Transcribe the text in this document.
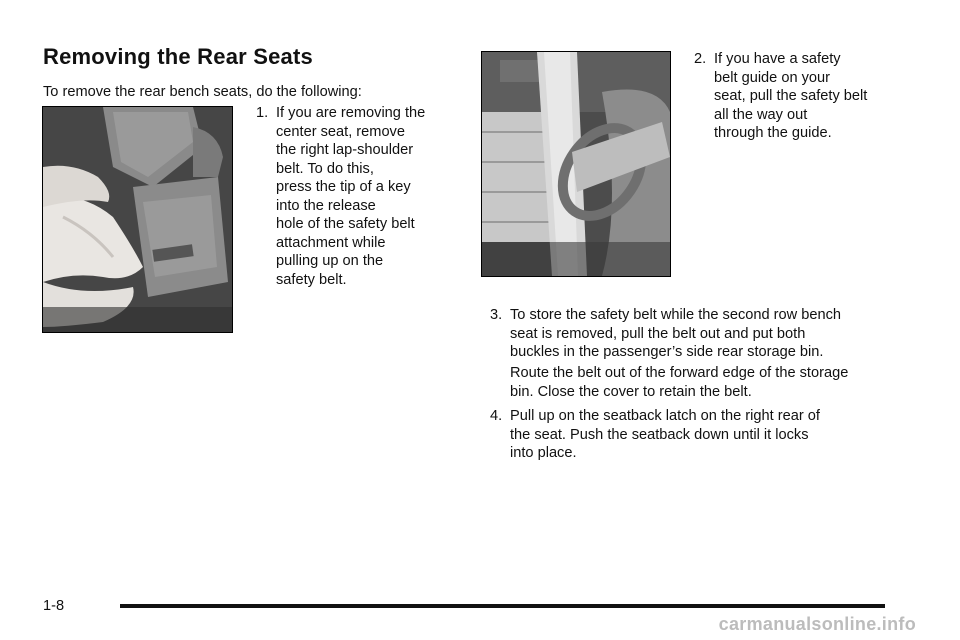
Removing the Rear Seats
To remove the rear bench seats, do the following:
1. If you are removing the
center seat, remove
the right lap-shoulder
belt. To do this,
press the tip of a key
into the release
hole of the safety belt
attachment while
pulling up on the
safety belt.
2. If you have a safety
belt guide on your
seat, pull the safety belt
all the way out
through the guide.
3. To store the safety belt while the second row bench
seat is removed, pull the belt out and put both
buckles in the passenger’s side rear storage bin.
Route the belt out of the forward edge of the storage
bin. Close the cover to retain the belt.
4. Pull up on the seatback latch on the right rear of
the seat. Push the seatback down until it locks
into place.
1-8
carmanualsonline.info
